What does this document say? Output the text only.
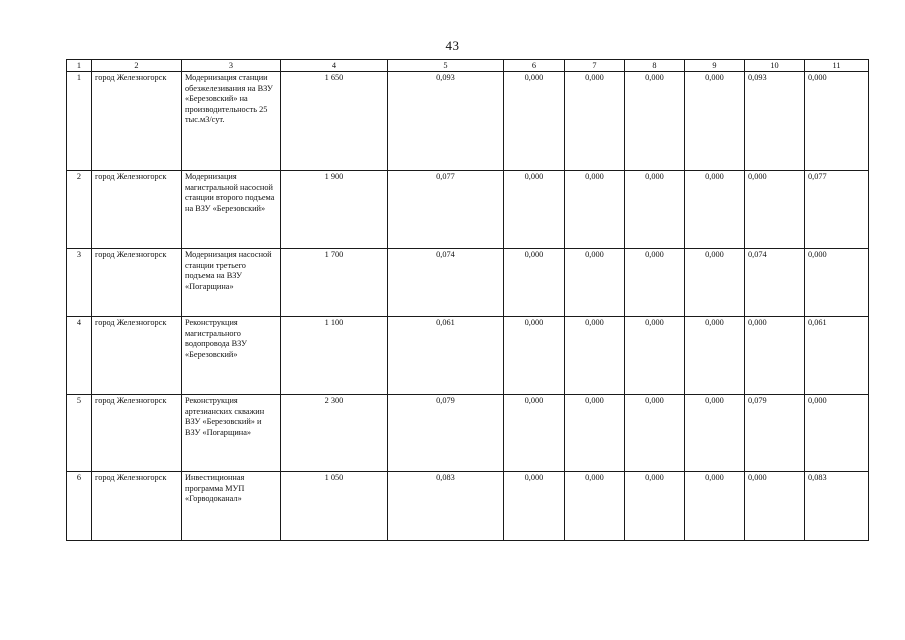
43
1	2	3	4	5	6	7	8	9	10	11
1	город Железногорск	Модернизация станции обезжелезивания на ВЗУ «Березовский» на производительность 25 тыс.м3/сут.	1 650	0,093	0,000	0,000	0,000	0,000	0,093	0,000
2	город Железногорск	Модернизация магистральной насосной станции второго подъема на ВЗУ «Березовский»	1 900	0,077	0,000	0,000	0,000	0,000	0,000	0,077
3	город Железногорск	Модернизация насосной станции третьего подъема на ВЗУ «Погарщина»	1 700	0,074	0,000	0,000	0,000	0,000	0,074	0,000
4	город Железногорск	Реконструкция магистрального водопровода ВЗУ «Березовский»	1 100	0,061	0,000	0,000	0,000	0,000	0,000	0,061
5	город Железногорск	Реконструкция артезианских скважин ВЗУ «Березовский» и ВЗУ «Погарщина»	2 300	0,079	0,000	0,000	0,000	0,000	0,079	0,000
6	город Железногорск	Инвестиционная программа МУП «Горводоканал»	1 050	0,083	0,000	0,000	0,000	0,000	0,000	0,083
